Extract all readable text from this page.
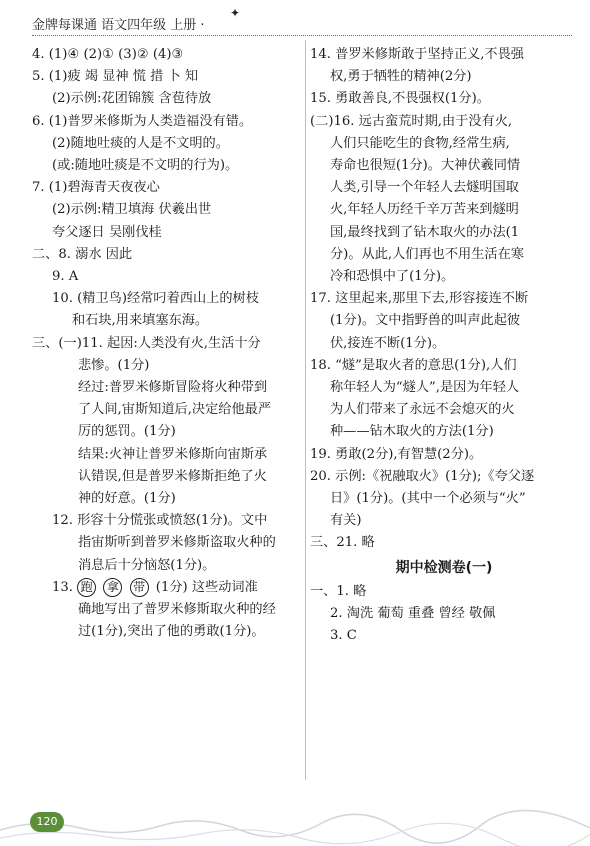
金牌每课通 语文四年级 上册 ·
✦

4. (1)④ (2)① (3)② (4)③

5. (1)疲 竭 显神 慌 措 卜 知

(2)示例:花团锦簇 含苞待放

6. (1)普罗米修斯为人类造福没有错。

(2)随地吐痰的人是不文明的。

(或:随地吐痰是不文明的行为)。

7. (1)碧海青天夜夜心

(2)示例:精卫填海 伏羲出世

夸父逐日 吴刚伐桂

二、8. 溺水 因此

9. A

10. (精卫鸟)经常叼着西山上的树枝

和石块,用来填塞东海。

三、(一)11. 起因:人类没有火,生活十分

悲惨。(1分)

经过:普罗米修斯冒险将火种带到

了人间,宙斯知道后,决定给他最严

厉的惩罚。(1分)

结果:火神让普罗米修斯向宙斯承

认错误,但是普罗米修斯拒绝了火

神的好意。(1分)

12. 形容十分慌张或愤怒(1分)。文中

指宙斯听到普罗米修斯盗取火种的

消息后十分恼怒(1分)。

13. 跑 拿 带 (1分) 这些动词准

确地写出了普罗米修斯取火种的经

过(1分),突出了他的勇敢(1分)。

14. 普罗米修斯敢于坚持正义,不畏强

权,勇于牺牲的精神(2分)

15. 勇敢善良,不畏强权(1分)。

(二)16. 远古蛮荒时期,由于没有火,

人们只能吃生的食物,经常生病,

寿命也很短(1分)。大神伏羲同情

人类,引导一个年轻人去燧明国取

火,年轻人历经千辛万苦来到燧明

国,最终找到了钻木取火的办法(1

分)。从此,人们再也不用生活在寒

冷和恐惧中了(1分)。

17. 这里起来,那里下去,形容接连不断

(1分)。文中指野兽的叫声此起彼

伏,接连不断(1分)。

18. “燧”是取火者的意思(1分),人们

称年轻人为“燧人”,是因为年轻人

为人们带来了永远不会熄灭的火

种——钻木取火的方法(1分)

19. 勇敢(2分),有智慧(2分)。

20. 示例:《祝融取火》(1分);《夸父逐

日》(1分)。(其中一个必须与“火”

有关)

三、21. 略

期中检测卷(一)

一、1. 略

2. 淘洗 葡萄 重叠 曾经 敬佩

3. C

120
